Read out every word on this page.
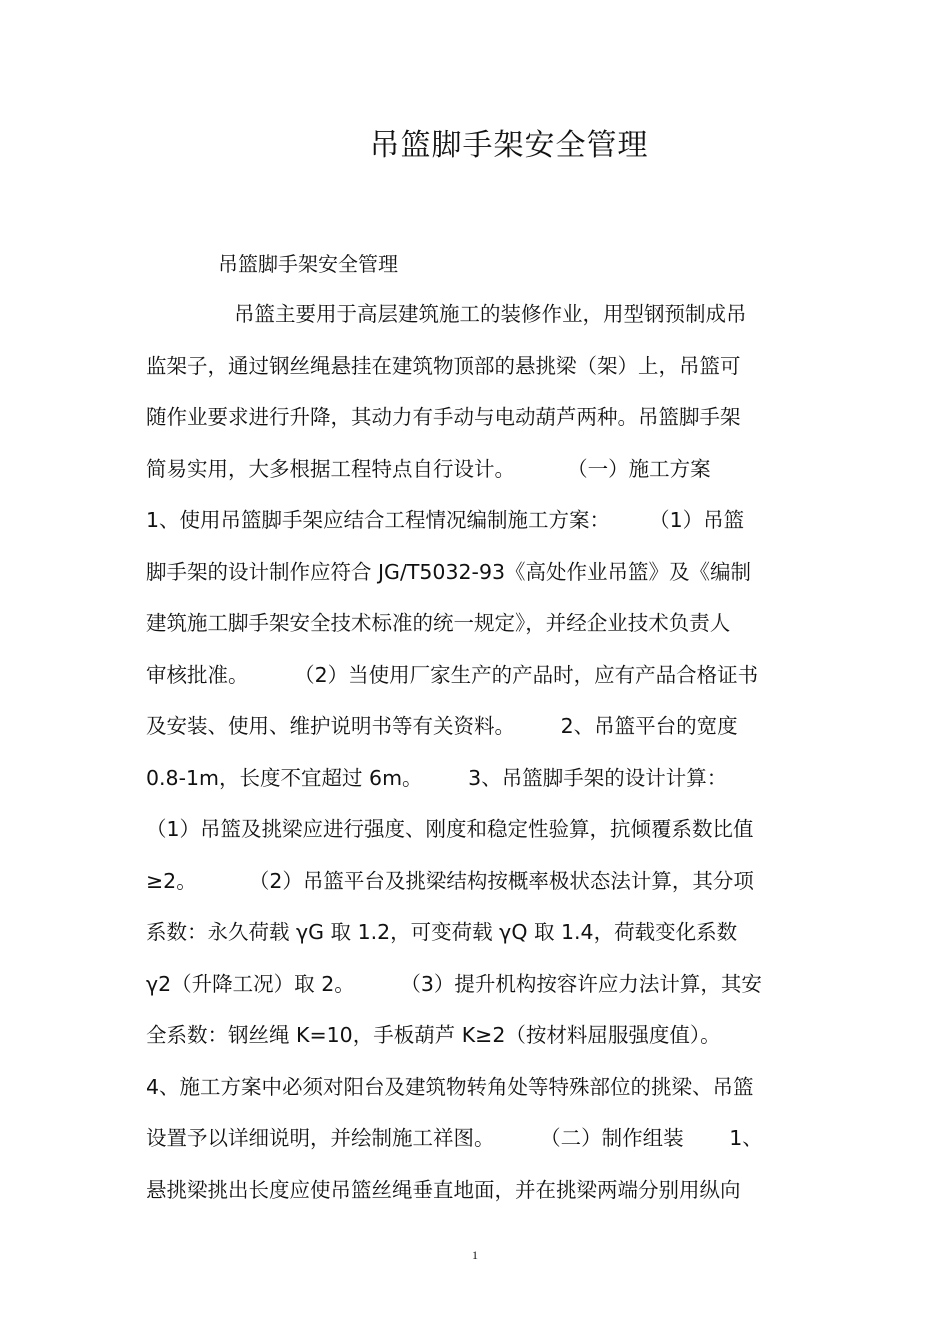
吊篮脚手架安全管理

吊篮脚手架安全管理

吊篮主要用于高层建筑施工的装修作业，用型钢预制成吊
监架子，通过钢丝绳悬挂在建筑物顶部的悬挑梁（架）上，吊篮可
随作业要求进行升降，其动力有手动与电动葫芦两种。吊篮脚手架
简易实用，大多根据工程特点自行设计。        （一）施工方案
1、使用吊篮脚手架应结合工程情况编制施工方案：      （1）吊篮
脚手架的设计制作应符合 JG/T5032-93《高处作业吊篮》及《编制
建筑施工脚手架安全技术标准的统一规定》，并经企业技术负责人
审核批准。       （2）当使用厂家生产的产品时，应有产品合格证书
及安装、使用、维护说明书等有关资料。       2、吊篮平台的宽度
0.8-1m，长度不宜超过 6m。       3、吊篮脚手架的设计计算：
（1）吊篮及挑梁应进行强度、刚度和稳定性验算，抗倾覆系数比值
≥2。        （2）吊篮平台及挑梁结构按概率极状态法计算，其分项
系数：永久荷载 γG 取 1.2，可变荷载 γQ 取 1.4，荷载变化系数
γ2（升降工况）取 2。       （3）提升机构按容许应力法计算，其安
全系数：钢丝绳 K=10，手板葫芦 K≥2（按材料屈服强度值）。
4、施工方案中必须对阳台及建筑物转角处等特殊部位的挑梁、吊篮
设置予以详细说明，并绘制施工祥图。       （二）制作组装       1、
悬挑梁挑出长度应使吊篮丝绳垂直地面，并在挑梁两端分别用纵向
1
